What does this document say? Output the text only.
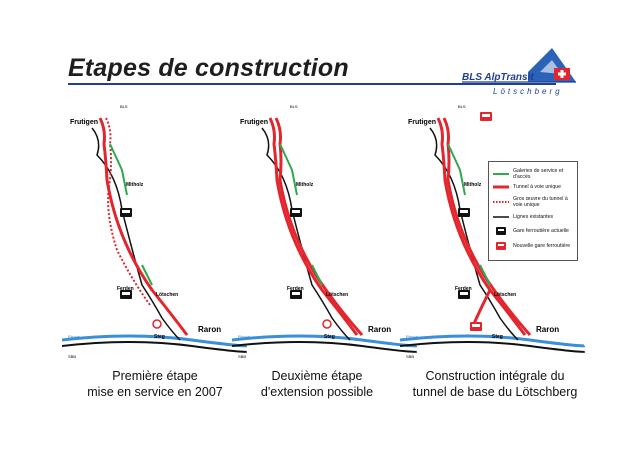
Etapes de construction	BLS AlpTransit
Lötschberg
Frutigen
BLS
Mitholz
Ferden
Lötschen
Raron
Steg
Rhone
SBB
Frutigen
BLS
Mitholz
Ferden
Lötschen
Raron
Steg
Rhone
SBB
Frutigen
BLS
Mitholz
Ferden
Lötschen
Raron
Steg
Rhone
SBB
Galeries de service et d'accès
Tunnel à voie unique
Gros œuvre du tunnel à voie unique
Lignes existantes
Gare ferroutière actuelle
Nouvelle gare ferroutière
Première étape
mise en service en 2007
Deuxième étape
d'extension possible
Construction intégrale du
tunnel de base du Lötschberg
